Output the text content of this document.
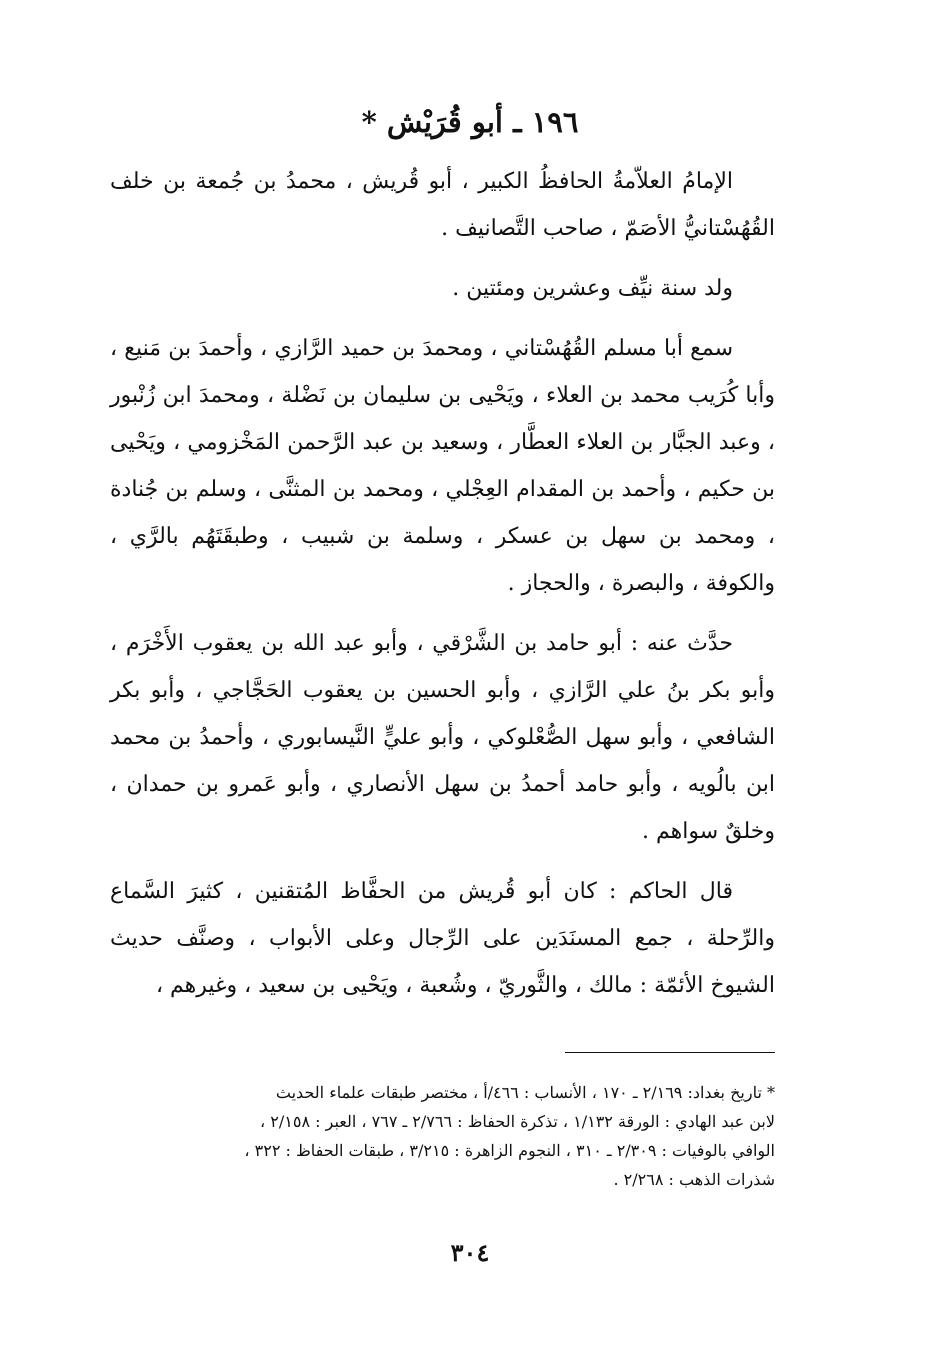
١٩٦ ـ أبو قُرَيْش *

الإمامُ العلاّمةُ الحافظُ الكبير ، أبو قُريش ، محمدُ بن جُمعة بن خلف القُهُسْتانيُّ الأصَمّ ، صاحب التَّصانيف .

ولد سنة نيِّف وعشرين ومئتين .

سمع أبا مسلم القُهُسْتاني ، ومحمدَ بن حميد الرَّازي ، وأحمدَ بن مَنيع ، وأبا كُرَيب محمد بن العلاء ، ويَحْيى بن سليمان بن نَضْلة ، ومحمدَ ابن زُنْبور ، وعبد الجبَّار بن العلاء العطَّار ، وسعيد بن عبد الرَّحمن المَخْزومي ، ويَحْيى بن حكيم ، وأحمد بن المقدام العِجْلي ، ومحمد بن المثنَّى ، وسلم بن جُنادة ، ومحمد بن سهل بن عسكر ، وسلمة بن شبيب ، وطبقَتَهُم بالرَّي ، والكوفة ، والبصرة ، والحجاز .

حدَّث عنه : أبو حامد بن الشَّرْقي ، وأبو عبد الله بن يعقوب الأَخْرَم ، وأبو بكر بنُ علي الرَّازي ، وأبو الحسين بن يعقوب الحَجَّاجي ، وأبو بكر الشافعي ، وأبو سهل الصُّعْلوكي ، وأبو عليٍّ النَّيسابوري ، وأحمدُ بن محمد ابن بالُويه ، وأبو حامد أحمدُ بن سهل الأنصاري ، وأبو عَمرو بن حمدان ، وخلقٌ سواهم .

قال الحاكم : كان أبو قُريش من الحفَّاظ المُتقنين ، كثيرَ السَّماع والرِّحلة ، جمع المسنَدَين على الرِّجال وعلى الأبواب ، وصنَّف حديث الشيوخ الأئمّة : مالك ، والثَّوريّ ، وشُعبة ، ويَحْيى بن سعيد ، وغيرهم ،

* تاريخ بغداد: ٢/١٦٩ ـ ١٧٠ ، الأنساب : ٤٦٦/أ ، مختصر طبقات علماء الحديث
لابن عبد الهادي : الورقة ١/١٣٢ ، تذكرة الحفاظ : ٢/٧٦٦ ـ ٧٦٧ ، العبر : ٢/١٥٨ ،
الوافي بالوفيات : ٢/٣٠٩ ـ ٣١٠ ، النجوم الزاهرة : ٣/٢١٥ ، طبقات الحفاظ : ٣٢٢ ،
شذرات الذهب : ٢/٢٦٨ .
٣٠٤
